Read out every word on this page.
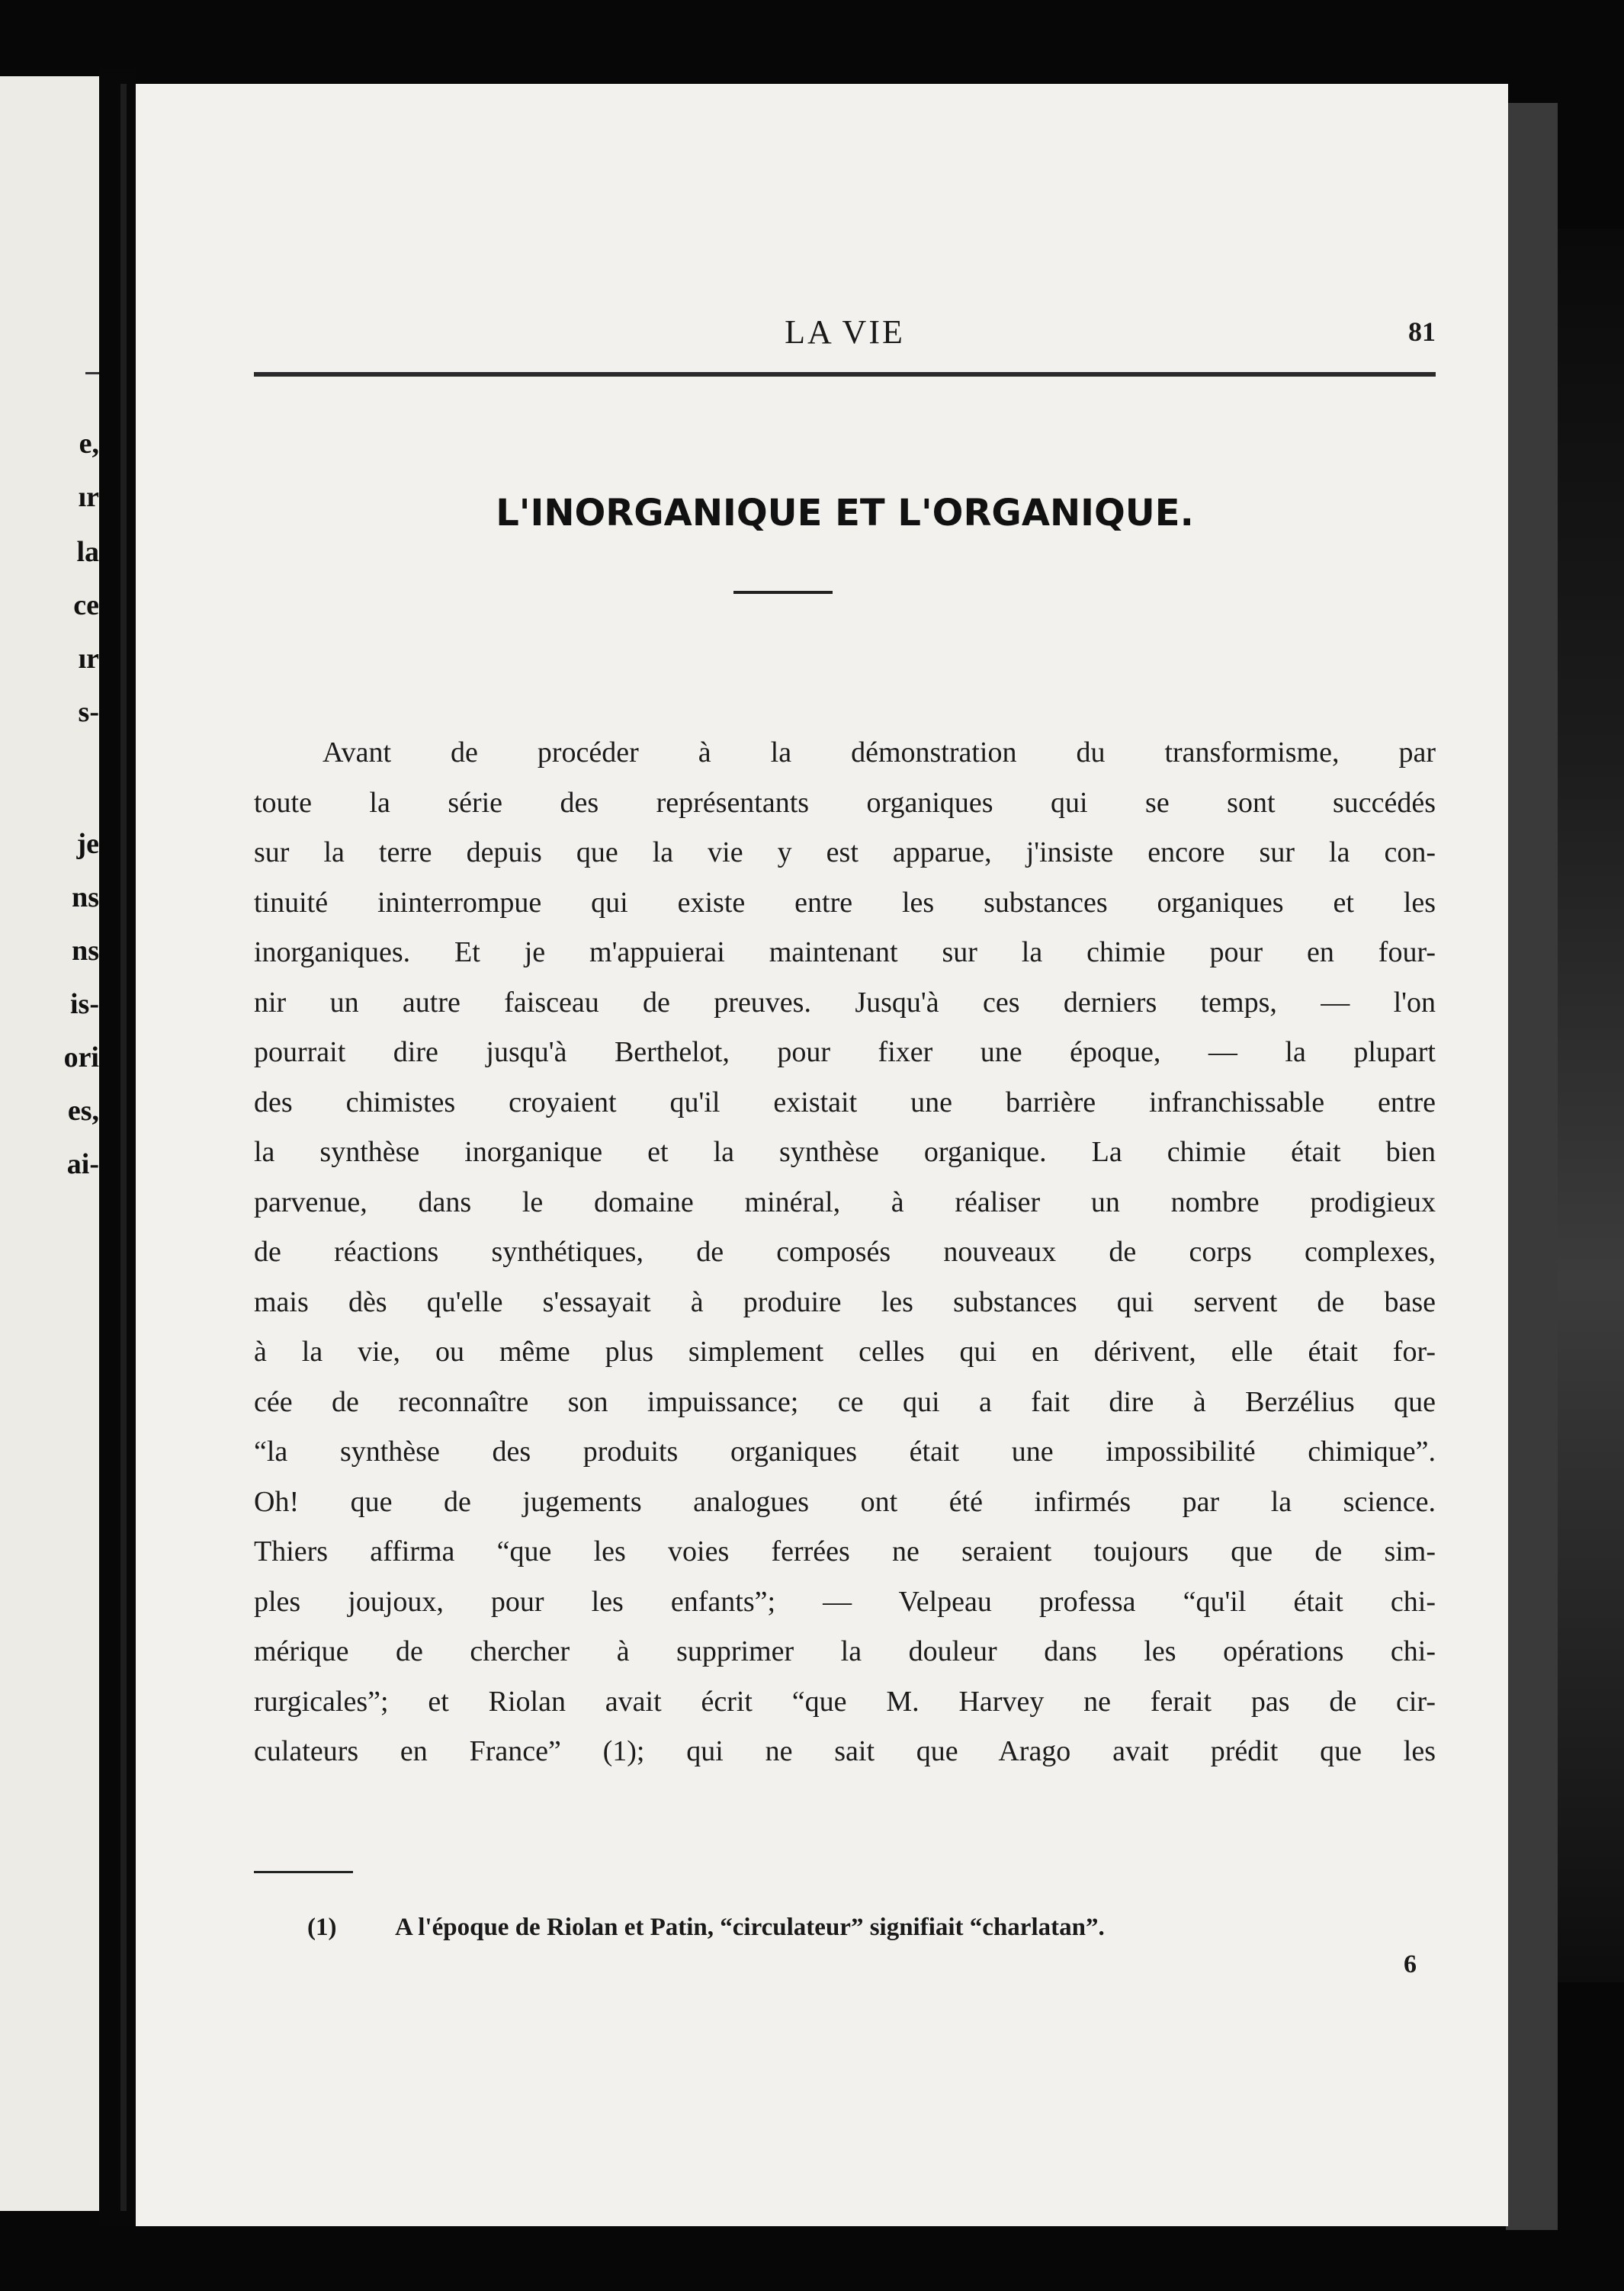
e,
ır
la
ce
ır
s-
je
ns
ns
is-
ori
es,
ai-
LA VIE	81
L'INORGANIQUE ET L'ORGANIQUE.
Avant de procéder à la démonstration du transformisme, par
toute la série des représentants organiques qui se sont succédés
sur la terre depuis que la vie y est apparue, j'insiste encore sur la con-
tinuité ininterrompue qui existe entre les substances organiques et les
inorganiques. Et je m'appuierai maintenant sur la chimie pour en four-
nir un autre faisceau de preuves. Jusqu'à ces derniers temps, — l'on
pourrait dire jusqu'à Berthelot, pour fixer une époque, — la plupart
des chimistes croyaient qu'il existait une barrière infranchissable entre
la synthèse inorganique et la synthèse organique. La chimie était bien
parvenue, dans le domaine minéral, à réaliser un nombre prodigieux
de réactions synthétiques, de composés nouveaux de corps complexes,
mais dès qu'elle s'essayait à produire les substances qui servent de base
à la vie, ou même plus simplement celles qui en dérivent, elle était for-
cée de reconnaître son impuissance; ce qui a fait dire à Berzélius que
“la synthèse des produits organiques était une impossibilité chimique”.
Oh! que de jugements analogues ont été infirmés par la science.
Thiers affirma “que les voies ferrées ne seraient toujours que de sim-
ples joujoux, pour les enfants”; — Velpeau professa “qu'il était chi-
mérique de chercher à supprimer la douleur dans les opérations chi-
rurgicales”; et Riolan avait écrit “que M. Harvey ne ferait pas de cir-
culateurs en France” (1); qui ne sait que Arago avait prédit que les
(1) A l'époque de Riolan et Patin, “circulateur” signifiait “charlatan”.
6
